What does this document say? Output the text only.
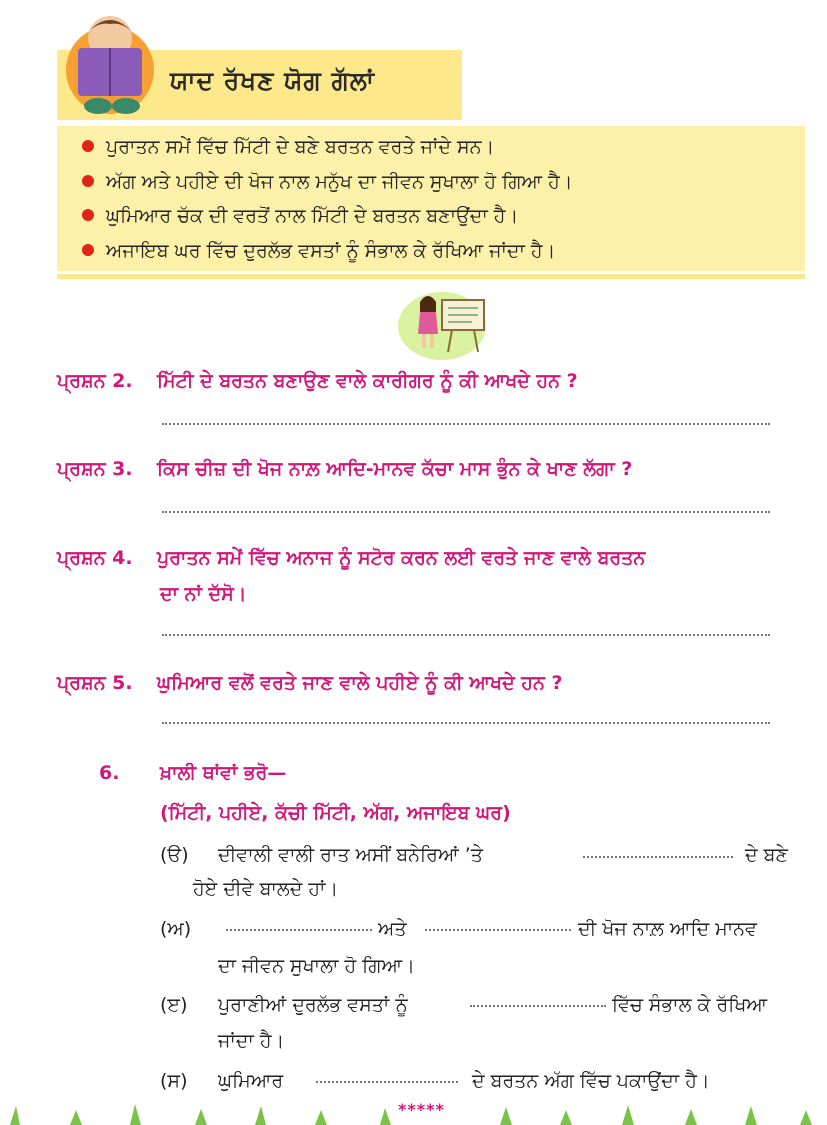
ਯਾਦ ਰੱਖਣ ਯੋਗ ਗੱਲਾਂ
ਪੁਰਾਤਨ ਸਮੇਂ ਵਿੱਚ ਮਿੱਟੀ ਦੇ ਬਣੇ ਬਰਤਨ ਵਰਤੇ ਜਾਂਦੇ ਸਨ।
ਅੱਗ ਅਤੇ ਪਹੀਏ ਦੀ ਖੋਜ ਨਾਲ ਮਨੁੱਖ ਦਾ ਜੀਵਨ ਸੁਖਾਲਾ ਹੋ ਗਿਆ ਹੈ।
ਘੁਮਿਆਰ ਚੱਕ ਦੀ ਵਰਤੋਂ ਨਾਲ ਮਿੱਟੀ ਦੇ ਬਰਤਨ ਬਣਾਉਂਦਾ ਹੈ।
ਅਜਾਇਬ ਘਰ ਵਿੱਚ ਦੁਰਲੱਭ ਵਸਤਾਂ ਨੂੰ ਸੰਭਾਲ ਕੇ ਰੱਖਿਆ ਜਾਂਦਾ ਹੈ।
ਪ੍ਰਸ਼ਨ 2. ਮਿੱਟੀ ਦੇ ਬਰਤਨ ਬਣਾਉਣ ਵਾਲੇ ਕਾਰੀਗਰ ਨੂੰ ਕੀ ਆਖਦੇ ਹਨ ?
ਪ੍ਰਸ਼ਨ 3. ਕਿਸ ਚੀਜ਼ ਦੀ ਖੋਜ ਨਾਲ਼ ਆਦਿ-ਮਾਨਵ ਕੱਚਾ ਮਾਸ ਭੁੰਨ ਕੇ ਖਾਣ ਲੱਗਾ ?
ਪ੍ਰਸ਼ਨ 4. ਪੁਰਾਤਨ ਸਮੇਂ ਵਿੱਚ ਅਨਾਜ ਨੂੰ ਸਟੋਰ ਕਰਨ ਲਈ ਵਰਤੇ ਜਾਣ ਵਾਲੇ ਬਰਤਨ
ਦਾ ਨਾਂ ਦੱਸੋ।
ਪ੍ਰਸ਼ਨ 5. ਘੁਮਿਆਰ ਵਲੋਂ ਵਰਤੇ ਜਾਣ ਵਾਲੇ ਪਹੀਏ ਨੂੰ ਕੀ ਆਖਦੇ ਹਨ ?
6. ਖ਼ਾਲੀ ਥਾਂਵਾਂ ਭਰੋ—
(ਮਿੱਟੀ, ਪਹੀਏ, ਕੱਚੀ ਮਿੱਟੀ, ਅੱਗ, ਅਜਾਇਬ ਘਰ)
(ੳ) ਦੀਵਾਲੀ ਵਾਲੀ ਰਾਤ ਅਸੀਂ ਬਨੇਰਿਆਂ ’ਤੇ	ਦੇ ਬਣੇ
ਹੋਏ ਦੀਵੇ ਬਾਲਦੇ ਹਾਂ।
(ਅ)	ਅਤੇ	ਦੀ ਖੋਜ ਨਾਲ਼ ਆਦਿ ਮਾਨਵ
ਦਾ ਜੀਵਨ ਸੁਖਾਲਾ ਹੋ ਗਿਆ।
(ੲ) ਪੁਰਾਣੀਆਂ ਦੁਰਲੱਭ ਵਸਤਾਂ ਨੂੰ	ਵਿੱਚ ਸੰਭਾਲ ਕੇ ਰੱਖਿਆ
ਜਾਂਦਾ ਹੈ।
(ਸ) ਘੁਮਿਆਰ	ਦੇ ਬਰਤਨ ਅੱਗ ਵਿੱਚ ਪਕਾਉਂਦਾ ਹੈ।
*****
